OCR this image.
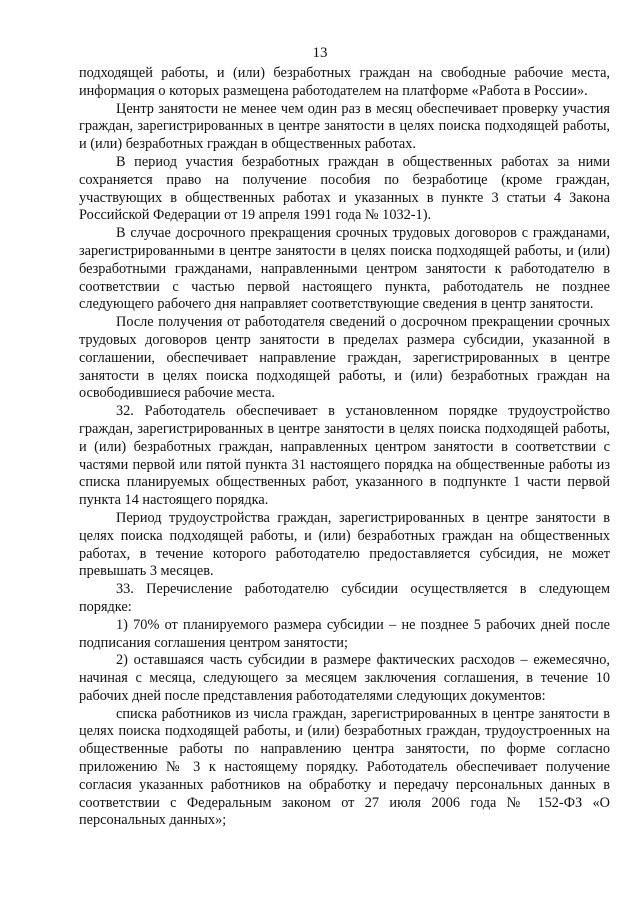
13

подходящей работы, и (или) безработных граждан на свободные рабочие места, информация о которых размещена работодателем на платформе «Работа в России».

Центр занятости не менее чем один раз в месяц обеспечивает проверку участия граждан, зарегистрированных в центре занятости в целях поиска подходящей работы, и (или) безработных граждан в общественных работах.

В период участия безработных граждан в общественных работах за ними сохраняется право на получение пособия по безработице (кроме граждан, участвующих в общественных работах и указанных в пункте 3 статьи 4 Закона Российской Федерации от 19 апреля 1991 года № 1032-1).

В случае досрочного прекращения срочных трудовых договоров с гражданами, зарегистрированными в центре занятости в целях поиска подходящей работы, и (или) безработными гражданами, направленными центром занятости к работодателю в соответствии с частью первой настоящего пункта, работодатель не позднее следующего рабочего дня направляет соответствующие сведения в центр занятости.

После получения от работодателя сведений о досрочном прекращении срочных трудовых договоров центр занятости в пределах размера субсидии, указанной в соглашении, обеспечивает направление граждан, зарегистрированных в центре занятости в целях поиска подходящей работы, и (или) безработных граждан на освободившиеся рабочие места.

32. Работодатель обеспечивает в установленном порядке трудоустройство граждан, зарегистрированных в центре занятости в целях поиска подходящей работы, и (или) безработных граждан, направленных центром занятости в соответствии с частями первой или пятой пункта 31 настоящего порядка на общественные работы из списка планируемых общественных работ, указанного в подпункте 1 части первой пункта 14 настоящего порядка.

Период трудоустройства граждан, зарегистрированных в центре занятости в целях поиска подходящей работы, и (или) безработных граждан на общественных работах, в течение которого работодателю предоставляется субсидия, не может превышать 3 месяцев.

33. Перечисление работодателю субсидии осуществляется в следующем порядке:

1) 70% от планируемого размера субсидии – не позднее 5 рабочих дней после подписания соглашения центром занятости;

2) оставшаяся часть субсидии в размере фактических расходов – ежемесячно, начиная с месяца, следующего за месяцем заключения соглашения, в течение 10 рабочих дней после представления работодателями следующих документов:

списка работников из числа граждан, зарегистрированных в центре занятости в целях поиска подходящей работы, и (или) безработных граждан, трудоустроенных на общественные работы по направлению центра занятости, по форме согласно приложению № 3 к настоящему порядку. Работодатель обеспечивает получение согласия указанных работников на обработку и передачу персональных данных в соответствии с Федеральным законом от 27 июля 2006 года № 152-ФЗ «О персональных данных»;
